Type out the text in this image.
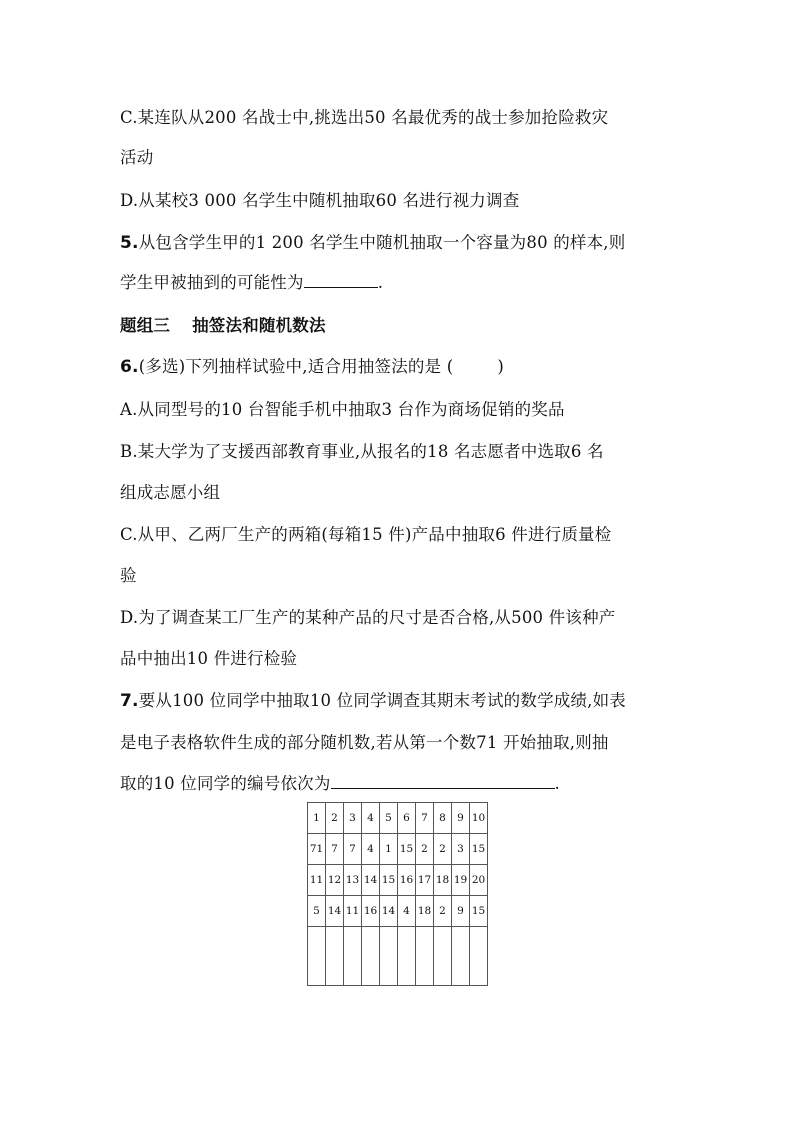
C.某连队从200 名战士中,挑选出50 名最优秀的战士参加抢险救灾
活动
D.从某校3 000 名学生中随机抽取60 名进行视力调查
5.从包含学生甲的1 200 名学生中随机抽取一个容量为80 的样本,则
学生甲被抽到的可能性为	.
题组三 抽签法和随机数法
6.(多选)下列抽样试验中,适合用抽签法的是 (	)
A.从同型号的10 台智能手机中抽取3 台作为商场促销的奖品
B.某大学为了支援西部教育事业,从报名的18 名志愿者中选取6 名
组成志愿小组
C.从甲、乙两厂生产的两箱(每箱15 件)产品中抽取6 件进行质量检
验
D.为了调查某工厂生产的某种产品的尺寸是否合格,从500 件该种产
品中抽出10 件进行检验
7.要从100 位同学中抽取10 位同学调查其期末考试的数学成绩,如表
是电子表格软件生成的部分随机数,若从第一个数71 开始抽取,则抽
取的10 位同学的编号依次为	.
1	2	3	4	5	6	7	8	9	10
71	7	7	4	1	15	2	2	3	15
11	12	13	14	15	16	17	18	19	20
5	14	11	16	14	4	18	2	9	15
